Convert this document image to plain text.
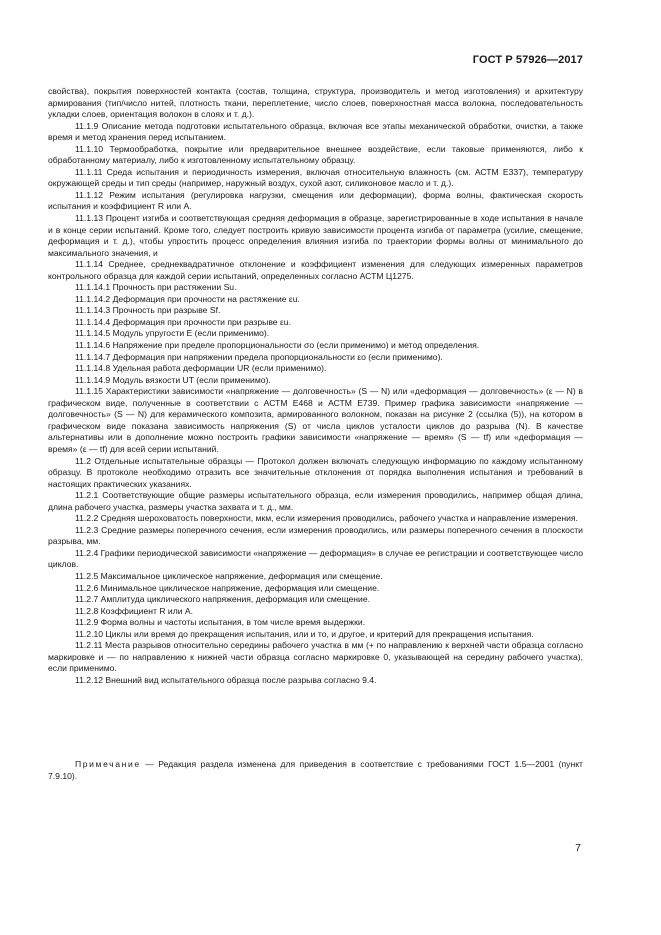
ГОСТ Р 57926—2017

свойства), покрытия поверхностей контакта (состав, толщина, структура, производитель и метод изготовления) и архитектуру армирования (тип/число нитей, плотность ткани, переплетение, число слоев, поверхностная масса волокна, последовательность укладки слоев, ориентация волокон в слоях и т. д.).

11.1.9 Описание метода подготовки испытательного образца, включая все этапы механической обработки, очистки, а также время и метод хранения перед испытанием.

11.1.10 Термообработка, покрытие или предварительное внешнее воздействие, если таковые применяются, либо к обработанному материалу, либо к изготовленному испытательному образцу.

11.1.11 Среда испытания и периодичность измерения, включая относительную влажность (см. АСТМ Е337), температуру окружающей среды и тип среды (например, наружный воздух, сухой азот, силиконовое масло и т. д.).

11.1.12 Режим испытания (регулировка нагрузки, смещения или деформации), форма волны, фактическая скорость испытания и коэффициент R или A.

11.1.13 Процент изгиба и соответствующая средняя деформация в образце, зарегистрированные в ходе испытания в начале и в конце серии испытаний. Кроме того, следует построить кривую зависимости процента изгиба от параметра (усилие, смещение, деформация и т. д.), чтобы упростить процесс определения влияния изгиба по траектории формы волны от минимального до максимального значения, и

11.1.14 Среднее, среднеквадратичное отклонение и коэффициент изменения для следующих измеренных параметров контрольного образца для каждой серии испытаний, определенных согласно АСТМ Ц1275.

11.1.14.1 Прочность при растяжении Su.

11.1.14.2 Деформация при прочности на растяжение εu.

11.1.14.3 Прочность при разрыве Sf.

11.1.14.4 Деформация при прочности при разрыве εu.

11.1.14.5 Модуль упругости E (если применимо).

11.1.14.6 Напряжение при пределе пропорциональности σo (если применимо) и метод определения.

11.1.14.7 Деформация при напряжении предела пропорциональности εo (если применимо).

11.1.14.8 Удельная работа деформации UR (если применимо).

11.1.14.9 Модуль вязкости UT (если применимо).

11.1.15 Характеристики зависимости «напряжение — долговечность» (S — N) или «деформация — долговечность» (ε — N) в графическом виде, полученные в соответствии с АСТМ Е468 и АСТМ Е739. Пример графика зависимости «напряжение — долговечность» (S — N) для керамического композита, армированного волокном, показан на рисунке 2 (ссылка (5)), на котором в графическом виде показана зависимость напряжения (S) от числа циклов усталости циклов до разрыва (N). В качестве альтернативы или в дополнение можно построить графики зависимости «напряжение — время» (S — tf) или «деформация — время» (ε — tf) для всей серии испытаний.

11.2 Отдельные испытательные образцы — Протокол должен включать следующую информацию по каждому испытанному образцу. В протоколе необходимо отразить все значительные отклонения от порядка выполнения испытания и требований в настоящих практических указаниях.

11.2.1 Соответствующие общие размеры испытательного образца, если измерения проводились, например общая длина, длина рабочего участка, размеры участка захвата и т. д., мм.

11.2.2 Средняя шероховатость поверхности, мкм, если измерения проводились, рабочего участка и направление измерения.

11.2.3 Средние размеры поперечного сечения, если измерения проводились, или размеры поперечного сечения в плоскости разрыва, мм.

11.2.4 Графики периодической зависимости «напряжение — деформация» в случае ее регистрации и соответствующее число циклов.

11.2.5 Максимальное циклическое напряжение, деформация или смещение.

11.2.6 Минимальное циклическое напряжение, деформация или смещение.

11.2.7 Амплитуда циклического напряжения, деформация или смещение.

11.2.8 Коэффициент R или A.

11.2.9 Форма волны и частоты испытания, в том числе время выдержки.

11.2.10 Циклы или время до прекращения испытания, или и то, и другое, и критерий для прекращения испытания.

11.2.11 Места разрывов относительно середины рабочего участка в мм (+ по направлению к верхней части образца согласно маркировке и — по направлению к нижней части образца согласно маркировке 0, указывающей на середину рабочего участка), если применимо.

11.2.12 Внешний вид испытательного образца после разрыва согласно 9.4.

Примечание — Редакция раздела изменена для приведения в соответствие с требованиями ГОСТ 1.5—2001 (пункт 7.9.10).

7
